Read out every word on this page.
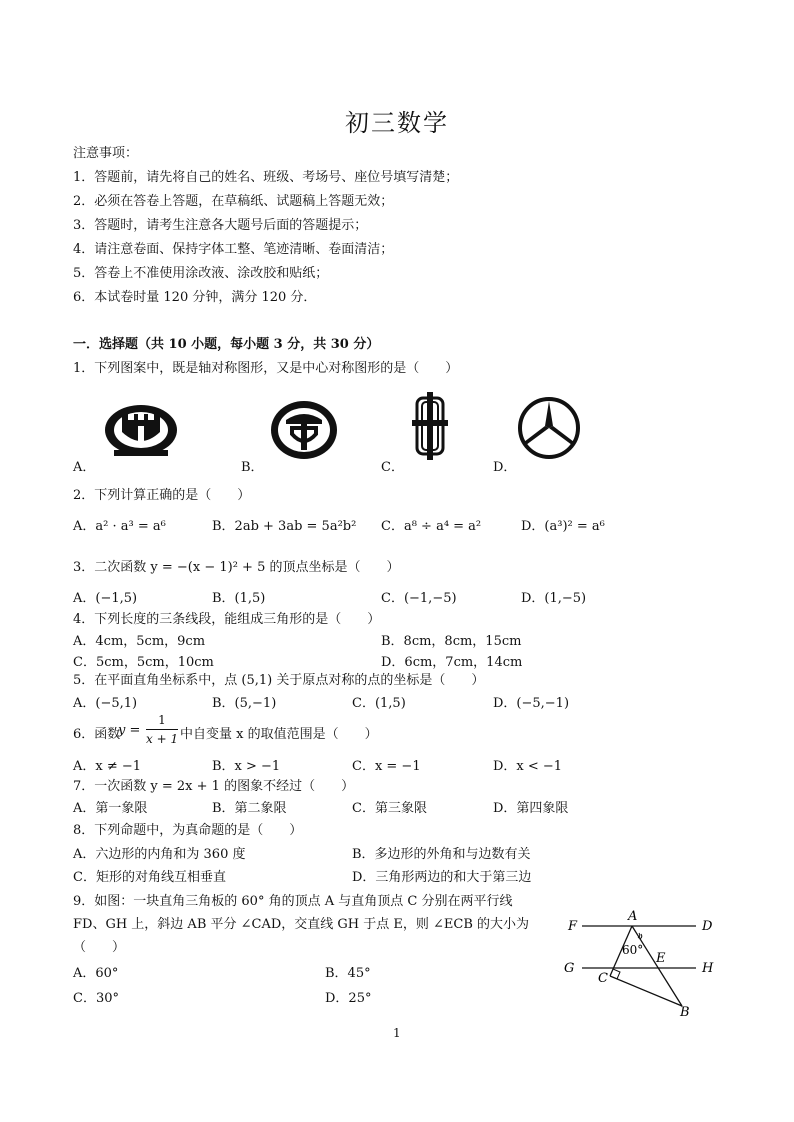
初三数学
注意事项：
1．答题前，请先将自己的姓名、班级、考场号、座位号填写清楚；
2．必须在答卷上答题，在草稿纸、试题稿上答题无效；
3．答题时，请考生注意各大题号后面的答题提示；
4．请注意卷面、保持字体工整、笔迹清晰、卷面清洁；
5．答卷上不准使用涂改液、涂改胶和贴纸；
6．本试卷时量 120 分钟，满分 120 分．
一．选择题（共 10 小题，每小题 3 分，共 30 分）
1．下列图案中，既是轴对称图形，又是中心对称图形的是（　　）
A．	B．	C．	D．
2．下列计算正确的是（　　）
A．a² · a³ = a⁶	B．2ab + 3ab = 5a²b² C．a⁸ ÷ a⁴ = a²	D．(a³)² = a⁶
3．二次函数 y = −(x − 1)² + 5 的顶点坐标是（　　）
A．(−1,5)	B．(1,5)	C．(−1,−5)	D．(1,−5)
4．下列长度的三条线段，能组成三角形的是（　　）
A．4cm，5cm，9cm	B．8cm，8cm，15cm
C．5cm，5cm，10cm	D．6cm，7cm，14cm
5．在平面直角坐标系中，点 (5,1) 关于原点对称的点的坐标是（　　）
A．(−5,1)	B．(5,−1)	C．(1,5)	D．(−5,−1)
6．函数
y =
1
x + 1 中自变量 x 的取值范围是（　　）
A．x ≠ −1	B．x > −1	C．x = −1	D．x < −1
7．一次函数 y = 2x + 1 的图象不经过（　　）
A．第一象限	B．第二象限	C．第三象限	D．第四象限
8．下列命题中，为真命题的是（　　）
A．六边形的内角和为 360 度	B．多边形的外角和与边数有关
C．矩形的对角线互相垂直	D．三角形两边的和大于第三边
9．如图：一块直角三角板的 60° 角的顶点 A 与直角顶点 C 分别在两平行线
FD、GH 上，斜边 AB 平分 ∠CAD，交直线 GH 于点 E，则 ∠ECB 的大小为
（　　）
A．60°	B．45°
C．30°	D．25°
F	D
A
G	H
E
C
B
60°
1
